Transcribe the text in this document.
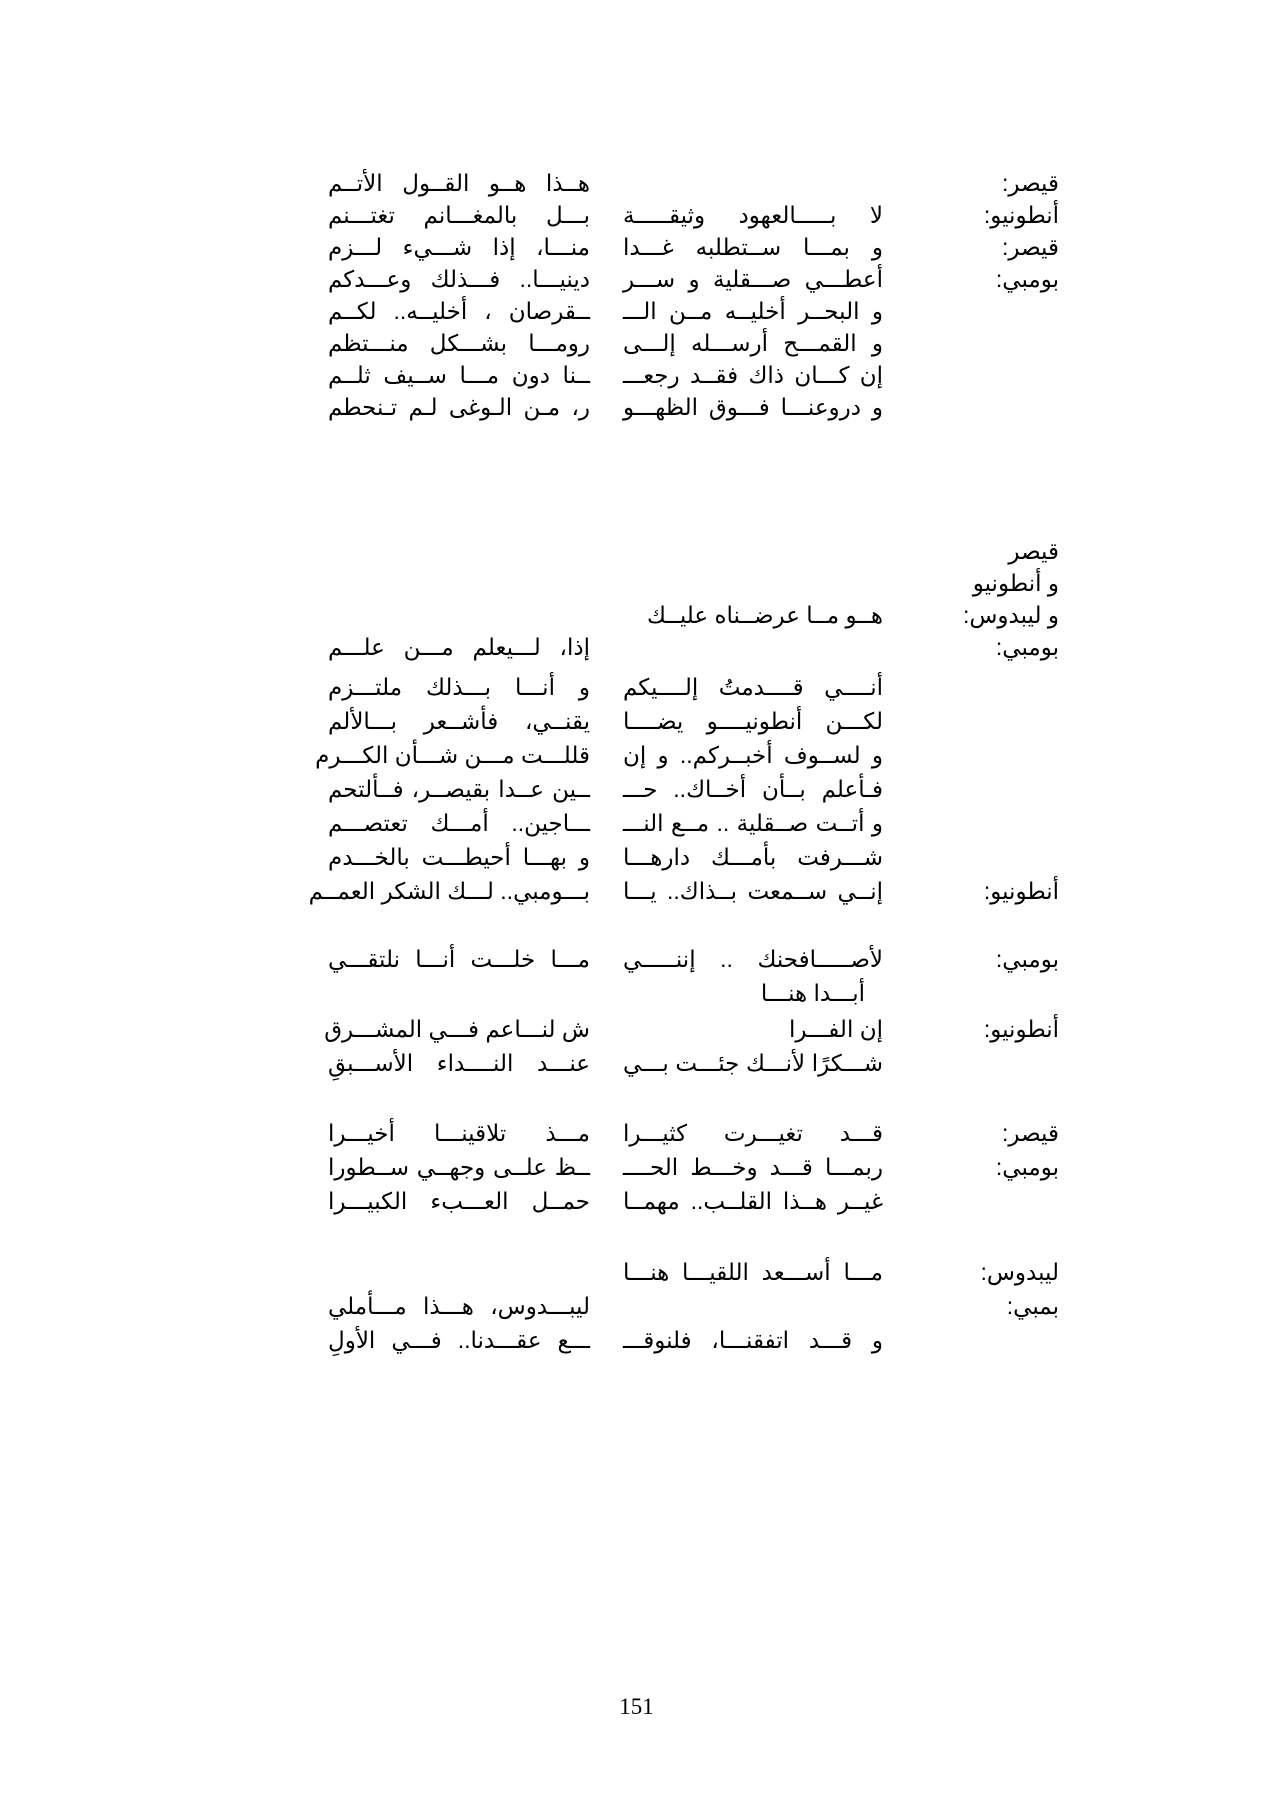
قيصر:
هــذا هــو القــول الأتــم
أنطونيو:
لا بـــــالعهود وثيقـــــة
بـــل بالمغـــانم تغتـــنم
قيصر:
و بمـــا ســتطلبه غـــدا
منـــا، إذا شـــيء لـــزم
بومبي:
أعطـــي صـــقلية و ســـر
دينيـــا.. فـــذلك وعـــدكم
و البحــر أخليــه مــن الـــ
ــقرصان ، أخليــه.. لكــم
و القمـــح أرســـله إلـــى
رومـــا بشـــكل منـــتظم
إن كـــان ذاك فقــد رجعـــ
ــنا دون مـــا ســيف ثلــم
و دروعنـــا فـــوق الظهـــو
ر، مـن الـوغى لـم تـنحطم
قيصر
و أنطونيو
و ليبدوس:
هــو مــا عرضــناه عليــك
بومبي:
إذا، لـــيعلم مـــن علـــم
أنــــي قــــدمتُ إلــــيكم
و أنـــا بـــذلك ملتـــزم
لكـــن أنطونيــــو يضــــا
يقنــي، فأشــعر بـــالألم
و لســوف أخبــركم.. و إن
قللـــت مـــن شـــأن الكـــرم
فـأعلم بــأن أخــاك.. حـــ
ــين عــدا بقيصــر، فــألتحم
و أتــت صــقلية .. مــع النـــ
ـــاجين.. أمـــك تعتصـــم
شـــرفت بأمـــك دارهـــا
و بهـــا أحيطـــت بالخـــدم
أنطونيو:
إنــي ســمعت بــذاك.. يـــا
بـــومبي.. لـــك الشكر العمــم
بومبي:
لأصـــــافحنك .. إننـــــي
مـــا خلـــت أنـــا نلتقـــي
أبـــدا هنـــا
أنطونيو:
إن الفـــرا
ش لنـــاعم فـــي المشـــرق
شـــكرًا لأنـــك جئـــت بـــي
عنـــد النــــداء الأســـبقِ
قيصر:
قـــد تغيـــرت كثيـــرا
مـــذ تلاقينـــا أخيـــرا
بومبي:
ربمـــا قـــد وخـــط الحــــ
ــظ علــى وجهــي ســطورا
غيــر هــذا القلــب.. مهمــا
حمــل العـــبء الكبيـــرا
ليبدوس:
مـــا أســـعد اللقيـــا هنـــا
بمبي:
ليبـــدوس، هـــذا مـــأملي
و قـــد اتفقنـــا، فلنوقـــ
ـــع عقـــدنا.. فـــي الأولِ
151
